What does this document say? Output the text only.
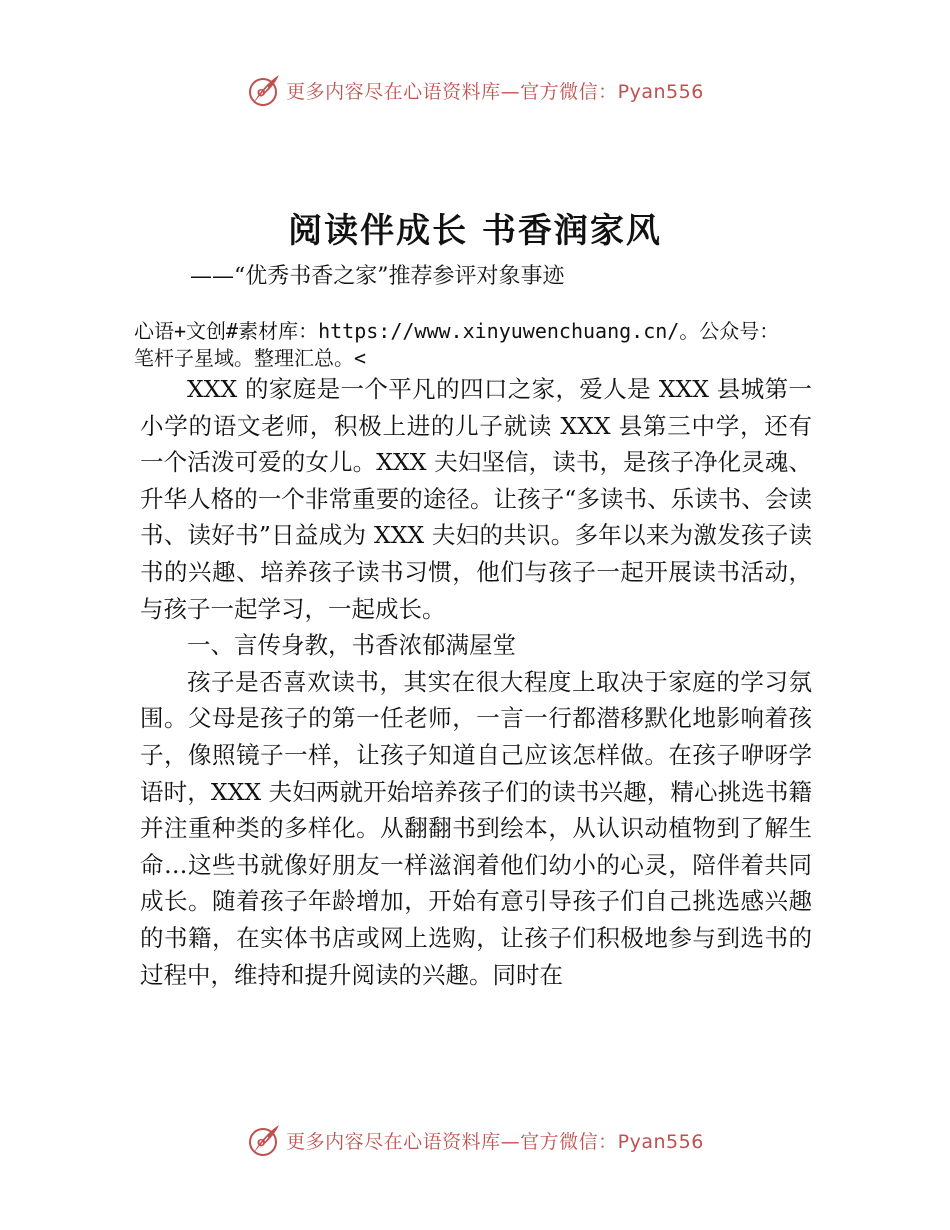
O 更多内容尽在心语资料库—官方微信：Pyan556
阅读伴成长 书香润家风
——“优秀书香之家”推荐参评对象事迹
心语+文创#素材库：https://www.xinyuwenchuang.cn/。公众号：
笔杆子星域。整理汇总。<

XXX 的家庭是一个平凡的四口之家，爱人是 XXX 县城第一小学的语文老师，积极上进的儿子就读 XXX 县第三中学，还有一个活泼可爱的女儿。XXX 夫妇坚信，读书，是孩子净化灵魂、升华人格的一个非常重要的途径。让孩子“多读书、乐读书、会读书、读好书”日益成为 XXX 夫妇的共识。多年以来为激发孩子读书的兴趣、培养孩子读书习惯，他们与孩子一起开展读书活动，与孩子一起学习，一起成长。

一、言传身教，书香浓郁满屋堂

孩子是否喜欢读书，其实在很大程度上取决于家庭的学习氛围。父母是孩子的第一任老师，一言一行都潜移默化地影响着孩子，像照镜子一样，让孩子知道自己应该怎样做。在孩子咿呀学语时，XXX 夫妇两就开始培养孩子们的读书兴趣，精心挑选书籍并注重种类的多样化。从翻翻书到绘本，从认识动植物到了解生命…这些书就像好朋友一样滋润着他们幼小的心灵，陪伴着共同成长。随着孩子年龄增加，开始有意引导孩子们自己挑选感兴趣的书籍，在实体书店或网上选购，让孩子们积极地参与到选书的过程中，维持和提升阅读的兴趣。同时在

O 更多内容尽在心语资料库—官方微信：Pyan556
